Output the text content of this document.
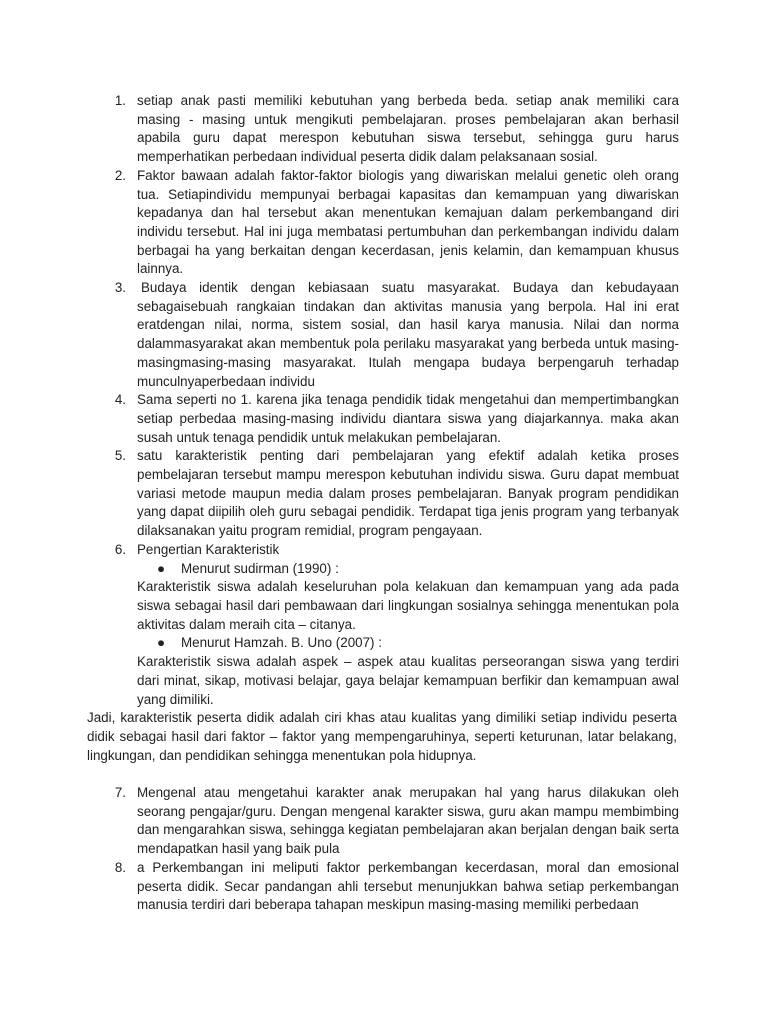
1. setiap anak pasti memiliki kebutuhan yang berbeda beda. setiap anak memiliki cara masing - masing untuk mengikuti pembelajaran. proses pembelajaran akan berhasil apabila guru dapat merespon kebutuhan siswa tersebut, sehingga guru harus memperhatikan perbedaan individual peserta didik dalam pelaksanaan sosial.
2. Faktor bawaan adalah faktor-faktor biologis yang diwariskan melalui genetic oleh orang tua. Setiapindividu mempunyai berbagai kapasitas dan kemampuan yang diwariskan kepadanya dan hal tersebut akan menentukan kemajuan dalam perkembangand diri individu tersebut. Hal ini juga membatasi pertumbuhan dan perkembangan individu dalam berbagai ha yang berkaitan dengan kecerdasan, jenis kelamin, dan kemampuan khusus lainnya.
3.	Budaya identik dengan kebiasaan suatu masyarakat. Budaya dan kebudayaan sebagaisebuah rangkaian tindakan dan aktivitas manusia yang berpola. Hal ini erat eratdengan nilai, norma, sistem sosial, dan hasil karya manusia. Nilai dan norma dalammasyarakat akan membentuk pola perilaku masyarakat yang berbeda untuk masing-masingmasing-masing masyarakat. Itulah mengapa budaya berpengaruh terhadap munculnyaperbedaan individu
4. Sama seperti no 1. karena jika tenaga pendidik tidak mengetahui dan mempertimbangkan setiap perbedaa masing-masing individu diantara siswa yang diajarkannya. maka akan susah untuk tenaga pendidik untuk melakukan pembelajaran.
5. satu karakteristik penting dari pembelajaran yang efektif adalah ketika proses pembelajaran tersebut mampu merespon kebutuhan individu siswa. Guru dapat membuat variasi metode maupun media dalam proses pembelajaran. Banyak program pendidikan yang dapat diipilih oleh guru sebagai pendidik. Terdapat tiga jenis program yang terbanyak dilaksanakan yaitu program remidial, program pengayaan.
6. Pengertian Karakteristik
●	Menurut sudirman (1990) :
Karakteristik siswa adalah keseluruhan pola kelakuan dan kemampuan yang ada pada siswa sebagai hasil dari pembawaan dari lingkungan sosialnya sehingga menentukan pola aktivitas dalam meraih cita – citanya.
●	Menurut Hamzah. B. Uno (2007) :
Karakteristik siswa adalah aspek – aspek atau kualitas perseorangan siswa yang terdiri dari minat, sikap, motivasi belajar, gaya belajar kemampuan berfikir dan kemampuan awal yang dimiliki.

Jadi, karakteristik peserta didik adalah ciri khas atau kualitas yang dimiliki setiap individu peserta didik sebagai hasil dari faktor – faktor yang mempengaruhinya, seperti keturunan, latar belakang, lingkungan, dan pendidikan sehingga menentukan pola hidupnya.

7. Mengenal atau mengetahui karakter anak merupakan hal yang harus dilakukan oleh seorang pengajar/guru. Dengan mengenal karakter siswa, guru akan mampu membimbing dan mengarahkan siswa, sehingga kegiatan pembelajaran akan berjalan dengan baik serta mendapatkan hasil yang baik pula
8. a Perkembangan ini meliputi faktor perkembangan kecerdasan, moral dan emosional peserta didik. Secar pandangan ahli tersebut menunjukkan bahwa setiap perkembangan manusia terdiri dari beberapa tahapan meskipun masing-masing memiliki perbedaan
